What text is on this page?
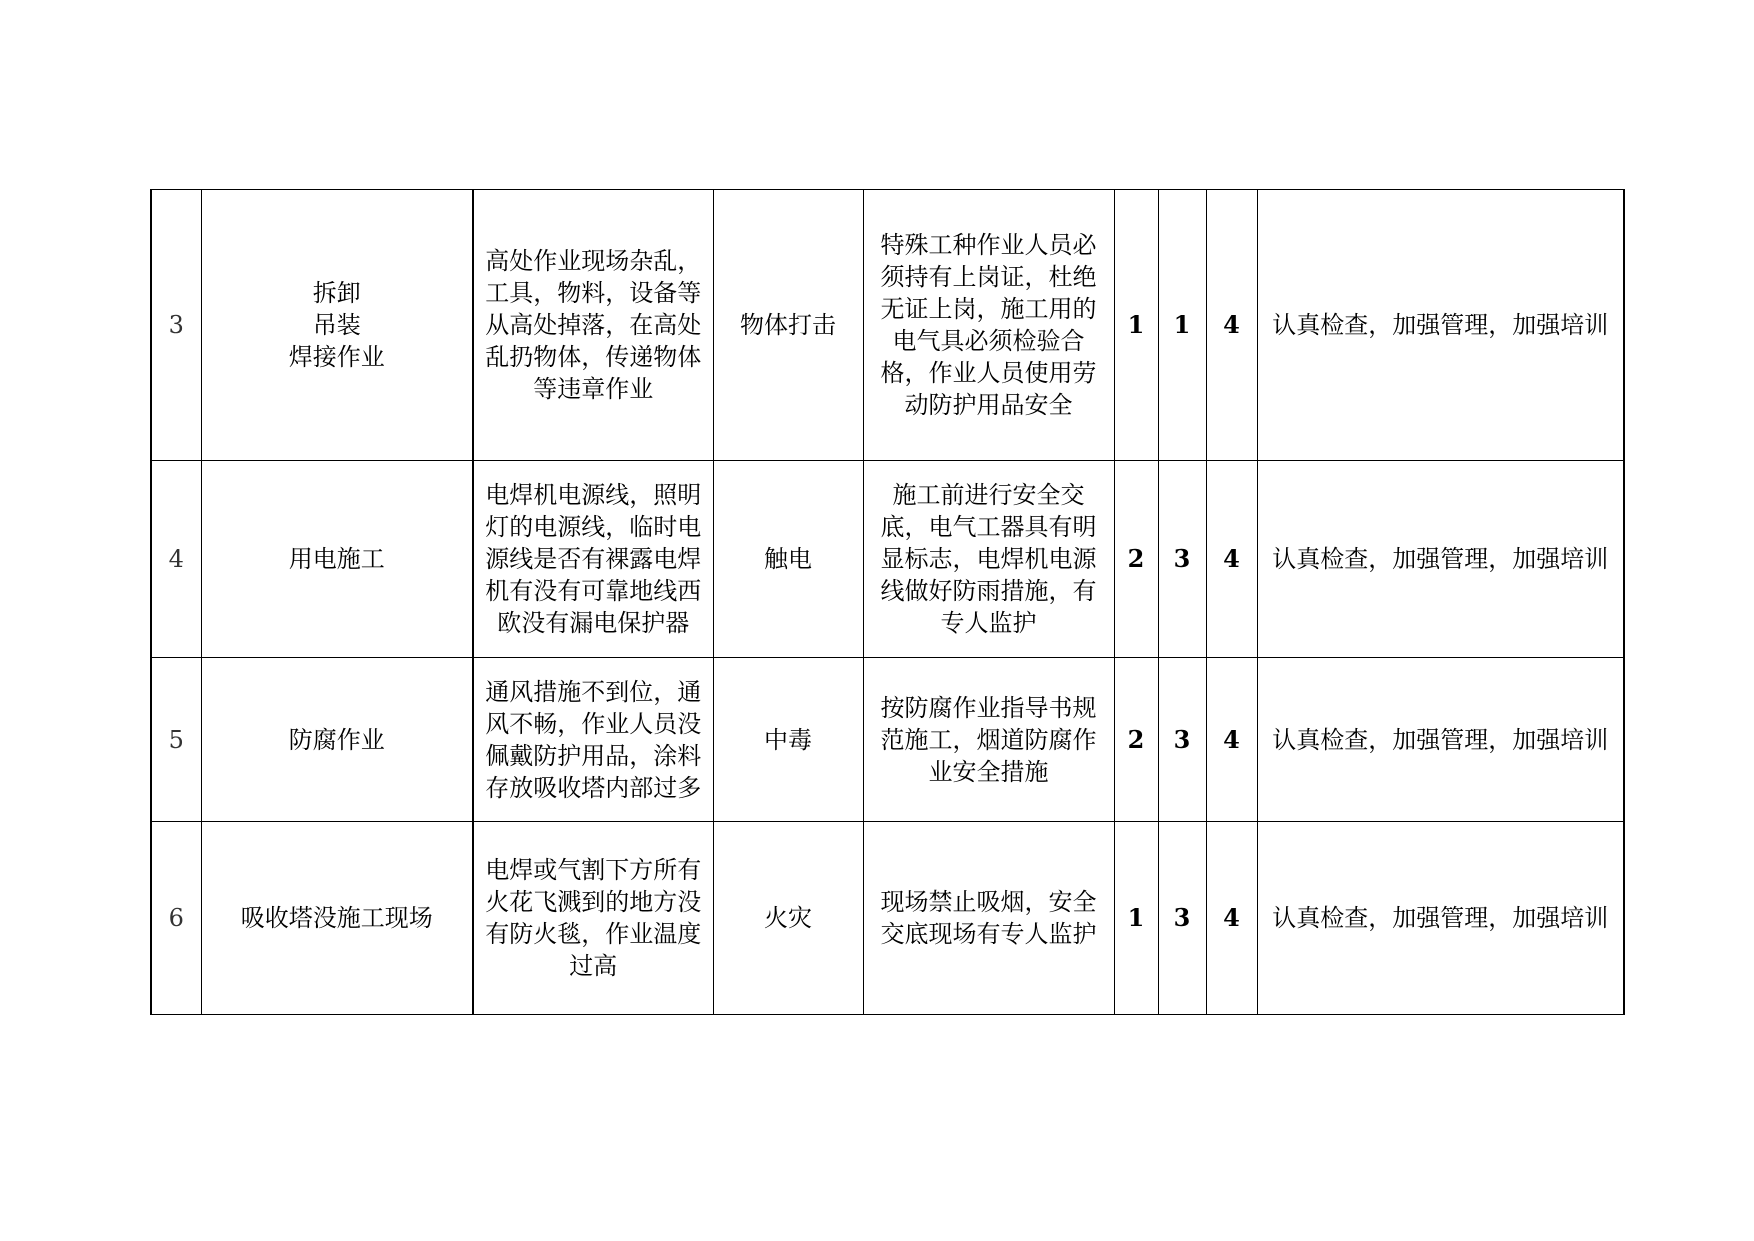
3	拆卸
吊装
焊接作业	高处作业现场杂乱，工具，物料，设备等从高处掉落，在高处乱扔物体，传递物体等违章作业	物体打击	特殊工种作业人员必须持有上岗证，杜绝无证上岗，施工用的电气具必须检验合格，作业人员使用劳动防护用品安全	1	1	4	认真检查，加强管理，加强培训
4	用电施工	电焊机电源线，照明灯的电源线，临时电源线是否有裸露电焊机有没有可靠地线西欧没有漏电保护器	触电	施工前进行安全交底，电气工器具有明显标志，电焊机电源线做好防雨措施，有专人监护	2	3	4	认真检查，加强管理，加强培训
5	防腐作业	通风措施不到位，通风不畅，作业人员没佩戴防护用品，涂料存放吸收塔内部过多	中毒	按防腐作业指导书规范施工，烟道防腐作业安全措施	2	3	4	认真检查，加强管理，加强培训
6	吸收塔没施工现场	电焊或气割下方所有火花飞溅到的地方没有防火毯，作业温度过高	火灾	现场禁止吸烟，安全交底现场有专人监护	1	3	4	认真检查，加强管理，加强培训
